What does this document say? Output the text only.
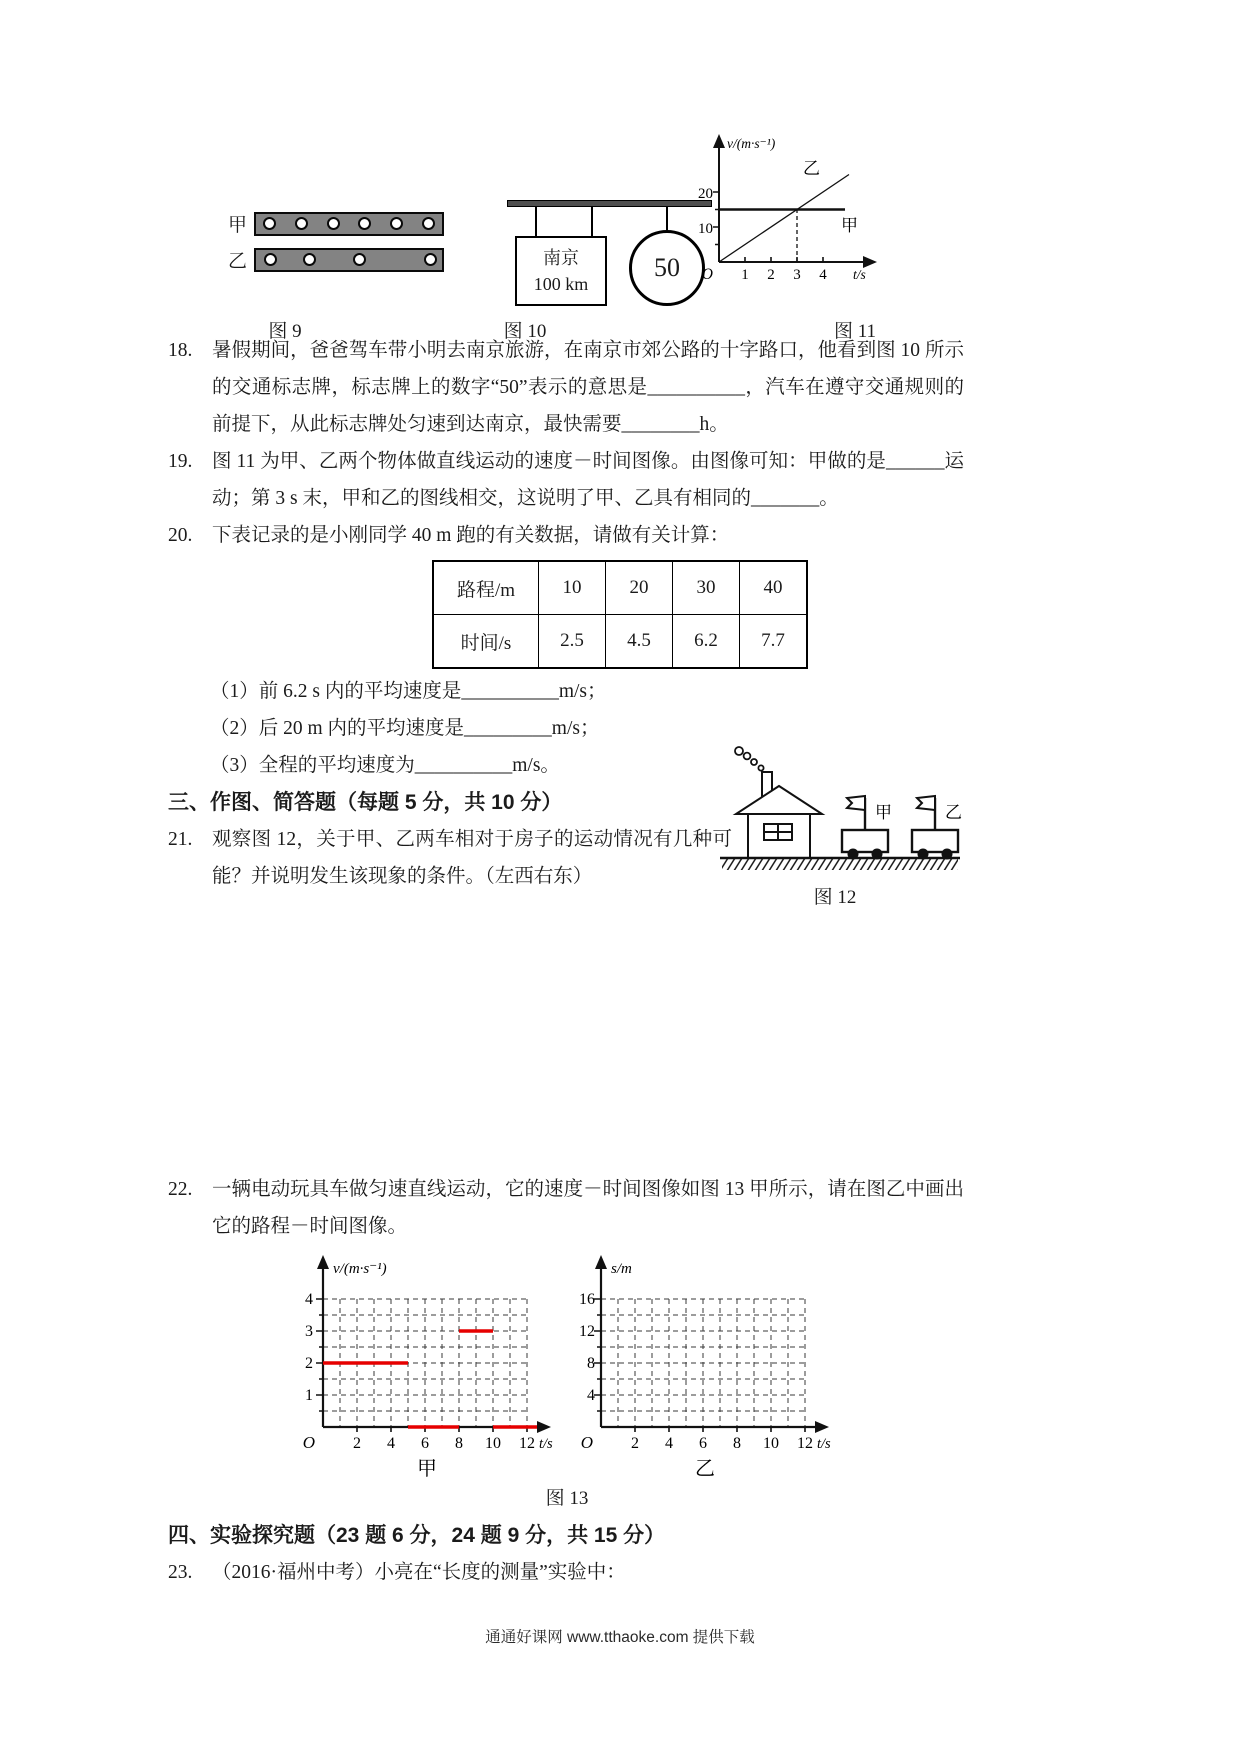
甲
乙	南京
100 km
50
v/(m·s⁻¹)
20
10
O 1 2 3 4 t/s
乙
甲
图 9	图 10	图 11
18.	暑假期间，爸爸驾车带小明去南京旅游，在南京市郊公路的十字路口，他看到图 10 所示的交通标志牌，标志牌上的数字“50”表示的意思是__________，汽车在遵守交通规则的前提下，从此标志牌处匀速到达南京，最快需要________h。
19.	图 11 为甲、乙两个物体做直线运动的速度－时间图像。由图像可知：甲做的是______运动；第 3 s 末，甲和乙的图线相交，这说明了甲、乙具有相同的_______。
20.	下表记录的是小刚同学 40 m 跑的有关数据，请做有关计算：
路程/m	10	20	30	40
时间/s	2.5	4.5	6.2	7.7
（1）前 6.2 s 内的平均速度是__________m/s；
（2）后 20 m 内的平均速度是_________m/s；
（3）全程的平均速度为__________m/s。
三、作图、简答题（每题 5 分，共 10 分）
21.	观察图 12，关于甲、乙两车相对于房子的运动情况有几种可能？并说明发生该现象的条件。（左西右东）
甲	乙
图 12
22.	一辆电动玩具车做匀速直线运动，它的速度－时间图像如图 13 甲所示，请在图乙中画出它的路程－时间图像。
v/(m·s⁻¹)
4
3
2
1
O 2 4 6 8 10 12 t/s
甲
s/m
16
12
8
4
O 2 4 6 8 10 12 t/s
乙
图 13
四、实验探究题（23 题 6 分，24 题 9 分，共 15 分）
23.	（2016·福州中考）小亮在“长度的测量”实验中：
通通好课网 www.tthaoke.com 提供下载
